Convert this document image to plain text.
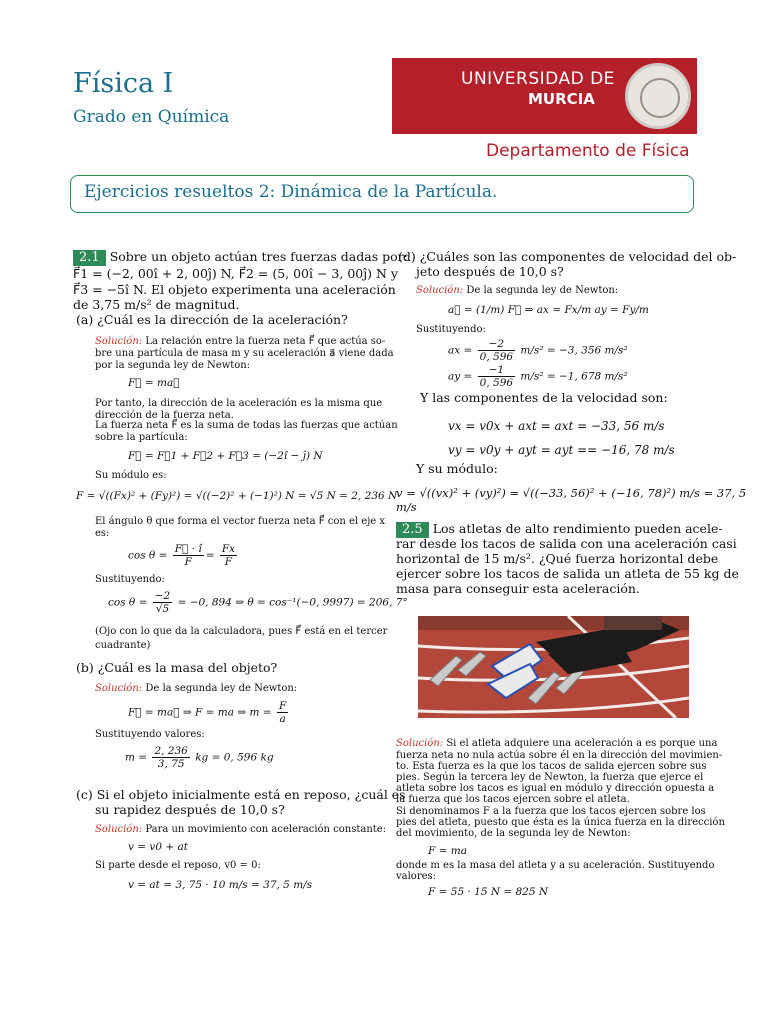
Física I
Grado en Química
UNIVERSIDAD DE
MURCIA
Departamento de Física
Ejercicios resueltos 2: Dinámica de la Partícula.
2.1 Sobre un objeto actúan tres fuerzas dadas por:
F⃗1 = (−2, 00î + 2, 00ĵ) N, F⃗2 = (5, 00î − 3, 00ĵ) N y
F⃗3 = −5î N. El objeto experimenta una aceleración
de 3,75 m/s² de magnitud.
(a) ¿Cuál es la dirección de la aceleración?
Solución: La relación entre la fuerza neta F⃗ que actúa so-
bre una partícula de masa m y su aceleración a⃗ viene dada
por la segunda ley de Newton:
F⃗ = ma⃗
Por tanto, la dirección de la aceleración es la misma que
dirección de la fuerza neta.
La fuerza neta F⃗ es la suma de todas las fuerzas que actúan
sobre la partícula:
F⃗ = F⃗1 + F⃗2 + F⃗3 = (−2î − ĵ) N
Su módulo es:
F = √((Fx)² + (Fy)²) = √((−2)² + (−1)²) N = √5 N = 2, 236 N
El ángulo θ que forma el vector fuerza neta F⃗ con el eje x
es:
$\cos \theta = \frac{F⃗ \cdot î}{F} = \frac{Fx}{F}$
Sustituyendo:
$\cos \theta = \frac{-2}{√5} = -0$, 894 ⇒ θ = cos⁻¹(−0, 9997) = 206, 7°
(Ojo con lo que da la calculadora, pues F⃗ está en el tercer
cuadrante)
(b) ¿Cuál es la masa del objeto?
Solución: De la segunda ley de Newton:
F⃗ = ma⃗ ⇒ F = ma ⇒ $m = \frac{F}{a}$
Sustituyendo valores:
$m = \frac{2, 236}{3, 75}$ kg = 0, 596 kg
(c) Si el objeto inicialmente está en reposo, ¿cuál es
su rapidez después de 10,0 s?
Solución: Para un movimiento con aceleración constante:
v = v0 + at
Si parte desde el reposo, v0 = 0:
v = at = 3, 75 · 10 m/s = 37, 5 m/s
(d) ¿Cuáles son las componentes de velocidad del ob-
jeto después de 10,0 s?
Solución: De la segunda ley de Newton:
a⃗ = (1/m) F⃗ ⇒ ax = Fx/m ay = Fy/m
Sustituyendo:
ax = $\frac{-2}{0, 596} m/s^2 = -3$, 356 m/s²
ay = $\frac{-1}{0, 596} m/s^2 = -1$, 678 m/s²
Y las componentes de la velocidad son:
vx = v0x + axt = axt = −33, 56 m/s
vy = v0y + ayt = ayt == −16, 78 m/s
Y su módulo:
v = √((vx)² + (vy)²) = √((−33, 56)² + (−16, 78)²) m/s = 37, 5 m/s
2.5 Los atletas de alto rendimiento pueden acele-
rar desde los tacos de salida con una aceleración casi
horizontal de 15 m/s². ¿Qué fuerza horizontal debe
ejercer sobre los tacos de salida un atleta de 55 kg de
masa para conseguir esta aceleración.
Solución: Si el atleta adquiere una aceleración a es porque una
fuerza neta no nula actúa sobre él en la dirección del movimien-
to. Esta fuerza es la que los tacos de salida ejercen sobre sus
pies. Según la tercera ley de Newton, la fuerza que ejerce el
atleta sobre los tacos es igual en módulo y dirección opuesta a
la fuerza que los tacos ejercen sobre el atleta.
Si denominamos F a la fuerza que los tacos ejercen sobre los
pies del atleta, puesto que ésta es la única fuerza en la dirección
del movimiento, de la segunda ley de Newton:
F = ma
donde m es la masa del atleta y a su aceleración. Sustituyendo
valores:
F = 55 · 15 N = 825 N
